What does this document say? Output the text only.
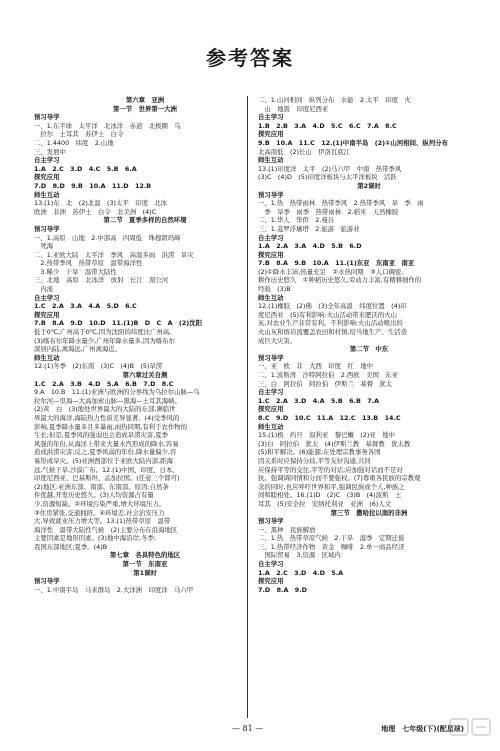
参考答案
第六章　亚洲
第一节　世界第一大洲
预习导学
一、1.东半球　太平洋　北冰洋　赤道　北极圈　乌
　拉尔　土耳其　苏伊士　白令
二、1.4400　纬度　2.山地
三、发展中
自主学习
1.A　2.C　3.D　4.C　5.B　6.A
探究应用
7.D　8.D　9.B　10.A　11.D　12.B
师生互动
13.(1)东　北　(2)北温　(3)太平　印度　北冰
欧洲　非洲　苏伊士　白令　北美洲　(4)C
第二节　夏季多样的自然环境
预习导学
一、1.高原　山地　2.中部高　四周低　珠穆朗玛峰
　死海
二、1.亚欧大陆　太平洋　季风　高温多雨　洪涝　旱灾
　2.热带季风　热带草原　温带海洋性
　3.稀少　干旱　温带大陆性
三、北地　高原　北冰洋　放射　长江　湄公河
　内流
自主学习
1.C　2.A　3.A　4.A　5.D　6.C
探究应用
7.B　8.A　9.D　10.D　11.(1)B　D　C　A　(2)沈阳
低于0℃,广州高于0℃,因为沈阳的纬度比广州高。
(3)喀布尔年降水量少,广州年降水量多,因为喀布尔
深居内陆,离海远,广州离海近。
师生互动
12.(1)冬季　(2)东南　(3)C　(4)B　(5)旱涝
第六章过关自测
1.C　2.A　3.B　4.D　5.A　6.B　7.D　8.C
9.A　10.B　11.(1)亚洲与欧洲的分界线为乌拉尔山脉—乌
拉尔河—里海—大高加索山脉—黑海—土耳其海峡。
(2)黄　白　(3)地处世界最大的大陆的东部,濒临世
界最大的海洋,海陆热力性质差异显著。(4)受季风的
影响,夏季降水量多且多暴雨,雨热同期,有利于农作物的
生长;但是,夏季风的强弱也会造成旱涝灾害,夏季
风强的年份,从海洋上带来大量水汽形成的降水,容易
造成洪涝灾害;反之,夏季风弱的年份,降水量偏少,容
易形成旱灾。(5)亚洲西部位于亚欧大陆内部,距海
远,气候干旱,沙漠广布。12.(1)中国、印度、日本、
印度尼西亚、巴基斯坦、孟加拉国。(任意三个即可)
(2)地区:亚洲东部、南部、东南部。原因:自然条
件优越,开发历史悠久。(3)人均资源占有量
少,资源短缺。②环境污染严重,增大环境压力。
③住房紧张,交通拥挤。④环境差,社会治安压力
大,导致就业压力增大等。13.(1)热带草原　温带
海洋性　温带大陆性气候　(2)主要分布在沿海地区
主要因素是地形因素。(3)地中海沿岸;冬季;
我国东部地区;夏季。(4)B
第七章　各具特色的地区
第一节　东南亚
第1课时
预习导学
一、1.中南半岛　马来群岛　2.大洋洲　印度洋　马六甲
二、1.山河相间　纵列分布　水能　2.太平　印度　火
　山　地震　印度尼西亚
自主学习
1.B　2.B　3.A　4.D　5.C　6.C　7.A　8.C
探究应用
9.B　10.A　11.C　12.(1)中南半岛　(2)①山河相间、纵列分布
北高南低　(2)长山　伊洛瓦底江
师生互动
13.(1)印度洋　太平　(2)马六甲　中南　热带季风
(3)C　(4)D　(5)印度洋板块与太平洋板块　活跃
第2课时
预习导学
一、1.热　热带雨林　热带季风　2.热带季风　旱　季　雨
　季　旱季　雨季　热带雨林　2.稻米　天然橡胶
二、1.华人　华侨　2.曼谷
三、1.菱罗浮屠塔　2.旅游　旅游业
自主学习
1.A　2.A　3.A　4.D　5.B　6.D
探究应用
7.B　8.A　9.B　10.A　11.(1)东亚　东南亚　南亚
(2)①降水丰沛,热量充足　②水热同期　③人口稠密,
耕作历史悠久　①种稻历史悠久,劳动力丰富,有精耕细作的
经验　(3)B
师生互动
12.(1)橡胶　(2)佛　(3)全年高温　纬度位置　(4)印
度尼西亚　(5)有利影响:火山活动带来肥沃的火山
灰,对农业生产非常有利。不利影响:火山活动喷出的
火山灰和熔岩流覆盖农田和村镇,给当地生产、生活造
成巨大灾害。
第二节　中东
预习导学
一、亚　欧　非　大西　印度　红　地中
二、1.波斯湾　沙特阿拉伯　2.西欧　美国　东亚
三、白　阿拉伯　阿拉伯　伊斯兰　基督　犹太
自主学习
1.C　2.A　3.D　4.A　5.B　6.B　7.A
探究应用
8.C　9.D　10.C　11.A　12.C　13.B　14.C
师生互动
15.(1)极　约旦　叙利亚　黎巴嫩　(2)亚　地中
(3)白　阿拉伯　犹太　(4)伊斯兰教　基督教　犹太教
(5)和平解决。(6)能源;在处理宗教事务各国
因关系时应保持分歧,平等友好沟通,共同
应保持平等的交往,平等的对话;应加强对话而不是对
抗。强调调同情和分而不要强权。(7)尊重各民族的宗教观
念的同时,也应呼吁世界和平,强调民族或个人,种族之
间和睦相处。16.(1)D　(2)C　(3)B　(4)波斯　土
耳其　(5)安全拉　安纳托利亚　亚洲　(6)人文
第三节　撒哈拉以南的非洲
预习导学
一、黑种　民族解放
二、1.热　热带草原气候　2.干旱　湿季　定期迁徙
三、1.热带经济作物　黄金　咖啡　2.单一商品经济
　国际贸易　3.资源　区域内
自主学习
1.A　2.C　3.D　4.D　5.A
探究应用
7.D　8.A　9.D
— 81 —	地理　七年级(下)(配星球)
